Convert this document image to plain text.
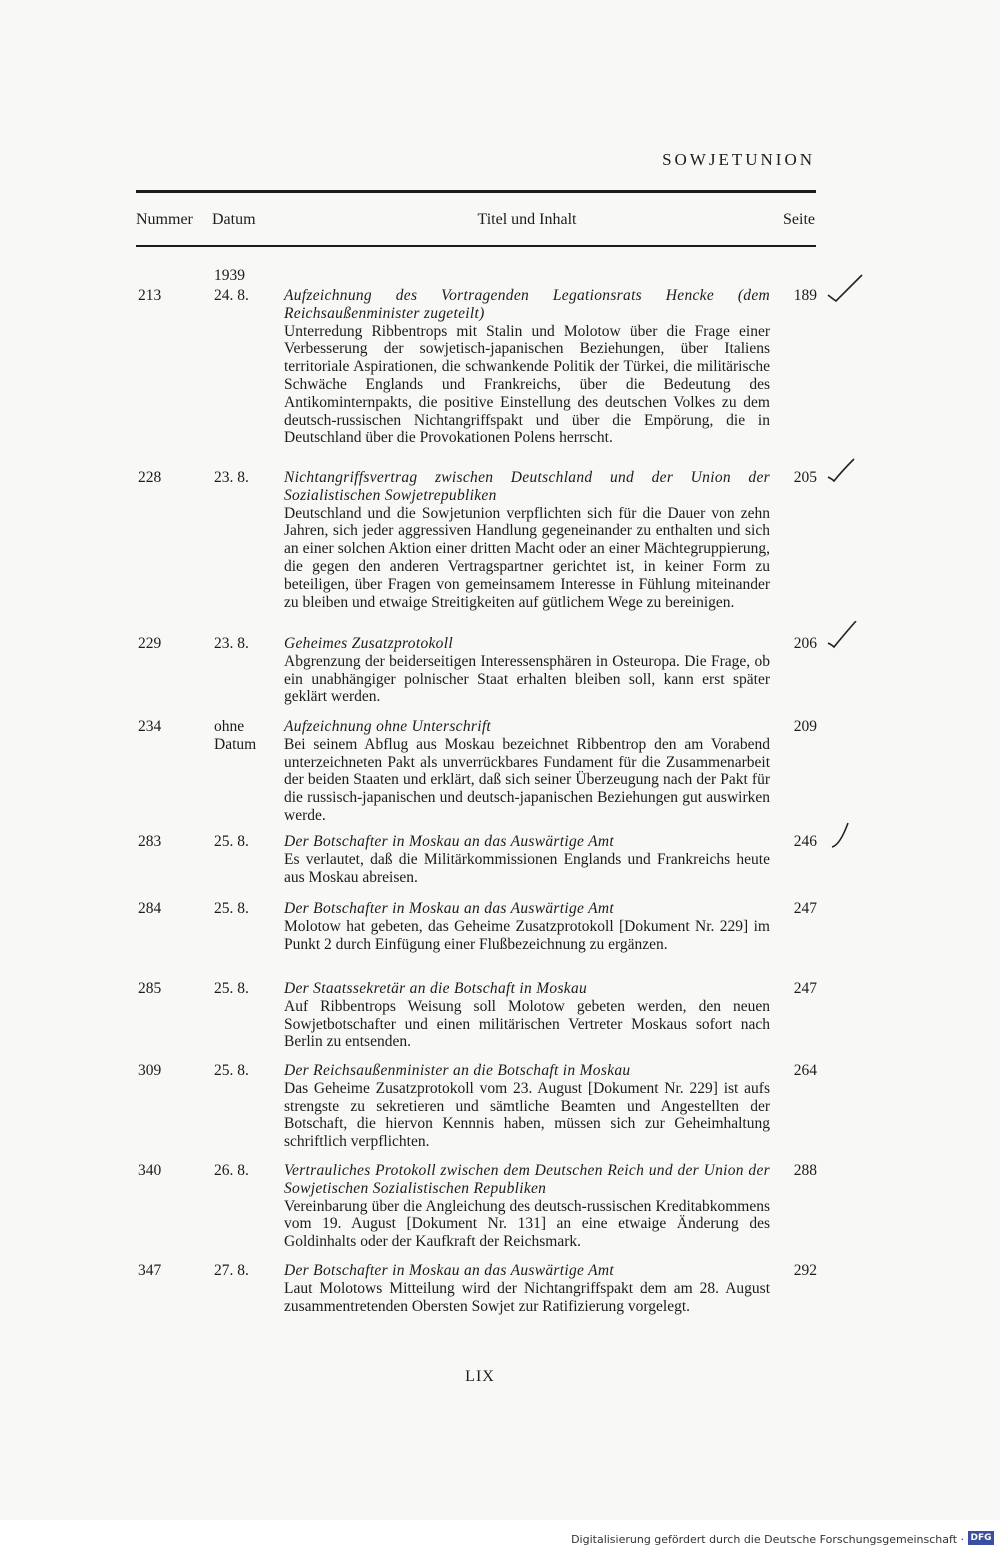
SOWJETUNION
Nummer Datum	Titel und Inhalt	Seite
1939
213	24. 8.	Aufzeichnung des Vortragenden Legationsrats Hencke (dem Reichsaußenminister zugeteilt)
Unterredung Ribbentrops mit Stalin und Molotow über die Frage einer Verbesserung der sowjetisch-japanischen Beziehungen, über Italiens territoriale Aspirationen, die schwankende Politik der Türkei, die militärische Schwäche Englands und Frankreichs, über die Bedeutung des Antikominternpakts, die positive Einstellung des deutschen Volkes zu dem deutsch-russischen Nichtangriffspakt und über die Empörung, die in Deutschland über die Provokationen Polens herrscht.
189
228	23. 8.	Nichtangriffsvertrag zwischen Deutschland und der Union der Sozialistischen Sowjetrepubliken
Deutschland und die Sowjetunion verpflichten sich für die Dauer von zehn Jahren, sich jeder aggressiven Handlung gegeneinander zu enthalten und sich an einer solchen Aktion einer dritten Macht oder an einer Mächtegruppierung, die gegen den anderen Vertragspartner gerichtet ist, in keiner Form zu beteiligen, über Fragen von gemeinsamem Interesse in Fühlung miteinander zu bleiben und etwaige Streitigkeiten auf gütlichem Wege zu bereinigen.
205
229	23. 8.	Geheimes Zusatzprotokoll
Abgrenzung der beiderseitigen Interessensphären in Osteuropa. Die Frage, ob ein unabhängiger polnischer Staat erhalten bleiben soll, kann erst später geklärt werden.
206
234	ohne Datum
Aufzeichnung ohne Unterschrift
Bei seinem Abflug aus Moskau bezeichnet Ribbentrop den am Vorabend unterzeichneten Pakt als unverrückbares Fundament für die Zusammenarbeit der beiden Staaten und erklärt, daß sich seiner Überzeugung nach der Pakt für die russisch-japanischen und deutsch-japanischen Beziehungen gut auswirken werde.
209
283	25. 8.	Der Botschafter in Moskau an das Auswärtige Amt
Es verlautet, daß die Militärkommissionen Englands und Frankreichs heute aus Moskau abreisen.
246
284	25. 8.	Der Botschafter in Moskau an das Auswärtige Amt
Molotow hat gebeten, das Geheime Zusatzprotokoll [Dokument Nr. 229] im Punkt 2 durch Einfügung einer Flußbezeichnung zu ergänzen.
247
285	25. 8.	Der Staatssekretär an die Botschaft in Moskau
Auf Ribbentrops Weisung soll Molotow gebeten werden, den neuen Sowjetbotschafter und einen militärischen Vertreter Moskaus sofort nach Berlin zu entsenden.
247
309	25. 8.	Der Reichsaußenminister an die Botschaft in Moskau
Das Geheime Zusatzprotokoll vom 23. August [Dokument Nr. 229] ist aufs strengste zu sekretieren und sämtliche Beamten und Angestellten der Botschaft, die hiervon Kennnis haben, müssen sich zur Geheimhaltung schriftlich verpflichten.
264
340	26. 8.	Vertrauliches Protokoll zwischen dem Deutschen Reich und der Union der Sowjetischen Sozialistischen Republiken
Vereinbarung über die Angleichung des deutsch-russischen Kreditabkommens vom 19. August [Dokument Nr. 131] an eine etwaige Änderung des Goldinhalts oder der Kaufkraft der Reichsmark.
288
347	27. 8.	Der Botschafter in Moskau an das Auswärtige Amt
Laut Molotows Mitteilung wird der Nichtangriffspakt dem am 28. August zusammentretenden Obersten Sowjet zur Ratifizierung vorgelegt.
292
LIX
Digitalisierung gefördert durch die Deutsche Forschungsgemeinschaft · DFG
